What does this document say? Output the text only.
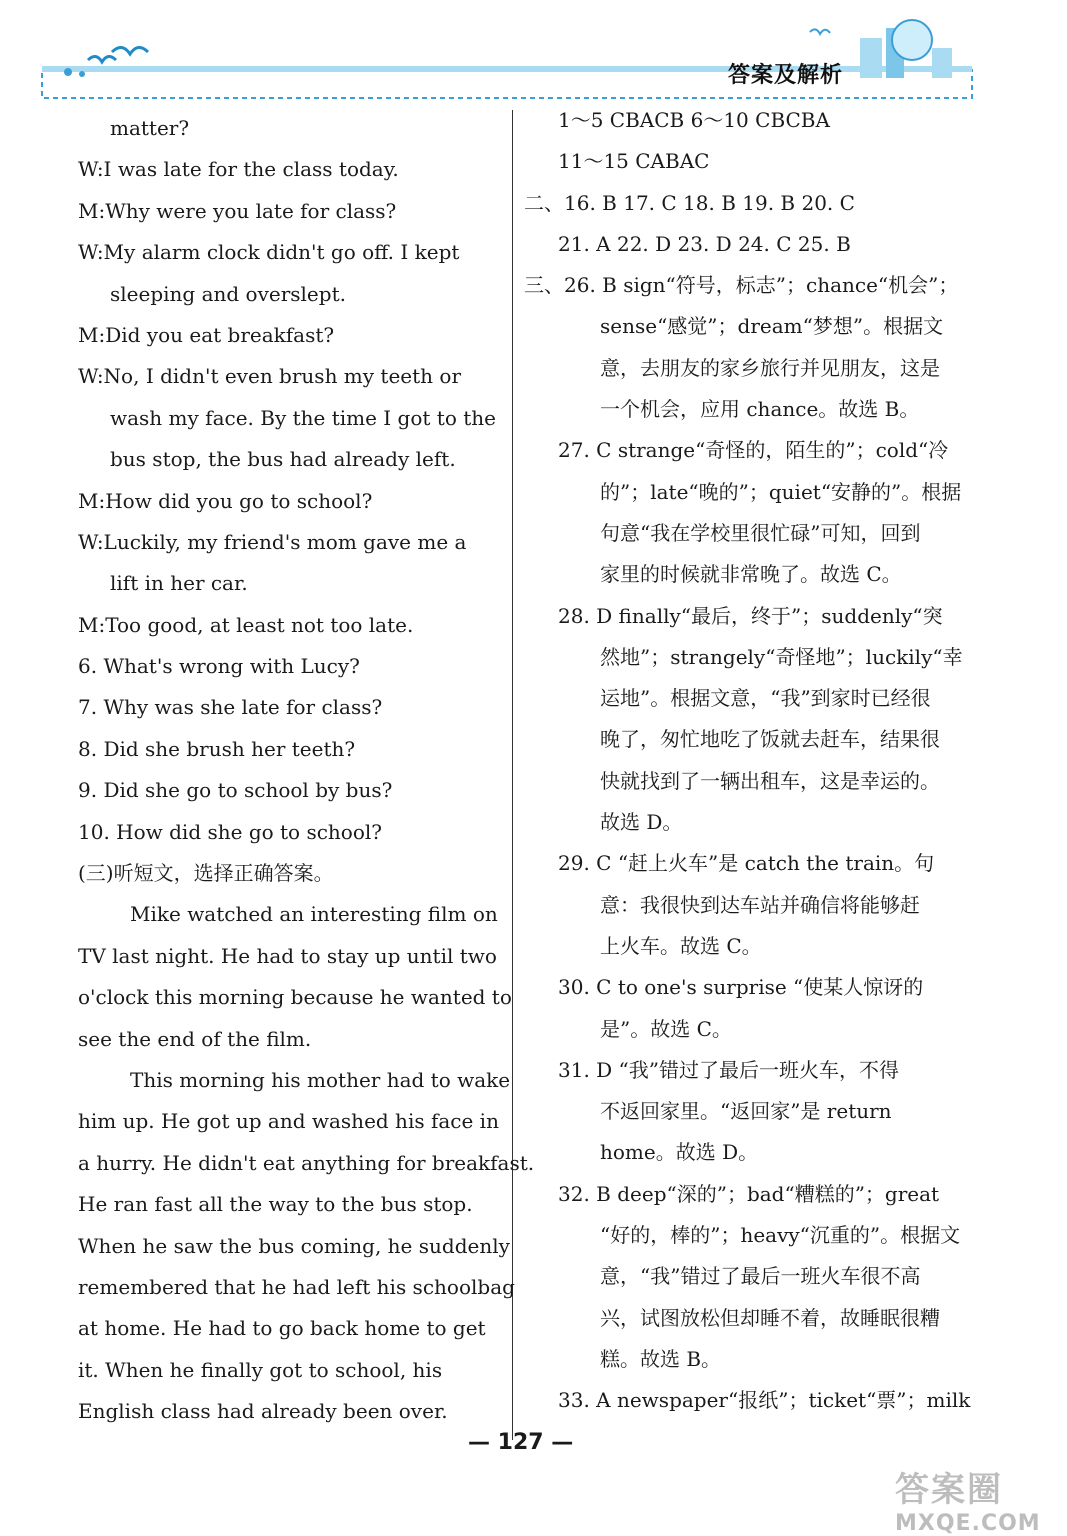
答案及解析
matter?
W:I was late for the class today.
M:Why were you late for class?
W:My alarm clock didn't go off. I kept
sleeping and overslept.
M:Did you eat breakfast?
W:No, I didn't even brush my teeth or
wash my face. By the time I got to the
bus stop, the bus had already left.
M:How did you go to school?
W:Luckily, my friend's mom gave me a
lift in her car.
M:Too good, at least not too late.
6. What's wrong with Lucy?
7. Why was she late for class?
8. Did she brush her teeth?
9. Did she go to school by bus?
10. How did she go to school?
(三)听短文，选择正确答案。
Mike watched an interesting film on
TV last night. He had to stay up until two
o'clock this morning because he wanted to
see the end of the film.
This morning his mother had to wake
him up. He got up and washed his face in
a hurry. He didn't eat anything for breakfast.
He ran fast all the way to the bus stop.
When he saw the bus coming, he suddenly
remembered that he had left his schoolbag
at home. He had to go back home to get
it. When he finally got to school, his
English class had already been over.
1～5 CBACB 6～10 CBCBA
11～15 CABAC
二、16. B 17. C 18. B 19. B 20. C
21. A 22. D 23. D 24. C 25. B
三、26. B sign“符号，标志”；chance“机会”；
sense“感觉”；dream“梦想”。根据文
意，去朋友的家乡旅行并见朋友，这是
一个机会，应用 chance。故选 B。
27. C strange“奇怪的，陌生的”；cold“冷
的”；late“晚的”；quiet“安静的”。根据
句意“我在学校里很忙碌”可知，回到
家里的时候就非常晚了。故选 C。
28. D finally“最后，终于”；suddenly“突
然地”；strangely“奇怪地”；luckily“幸
运地”。根据文意，“我”到家时已经很
晚了，匆忙地吃了饭就去赶车，结果很
快就找到了一辆出租车，这是幸运的。
故选 D。
29. C “赶上火车”是 catch the train。句
意：我很快到达车站并确信将能够赶
上火车。故选 C。
30. C to one's surprise “使某人惊讶的
是”。故选 C。
31. D “我”错过了最后一班火车，不得
不返回家里。“返回家”是 return
home。故选 D。
32. B deep“深的”；bad“糟糕的”；great
“好的，棒的”；heavy“沉重的”。根据文
意，“我”错过了最后一班火车很不高
兴，试图放松但却睡不着，故睡眠很糟
糕。故选 B。
33. A newspaper“报纸”；ticket“票”；milk
— 127 —
答案圈
MXQE.COM
